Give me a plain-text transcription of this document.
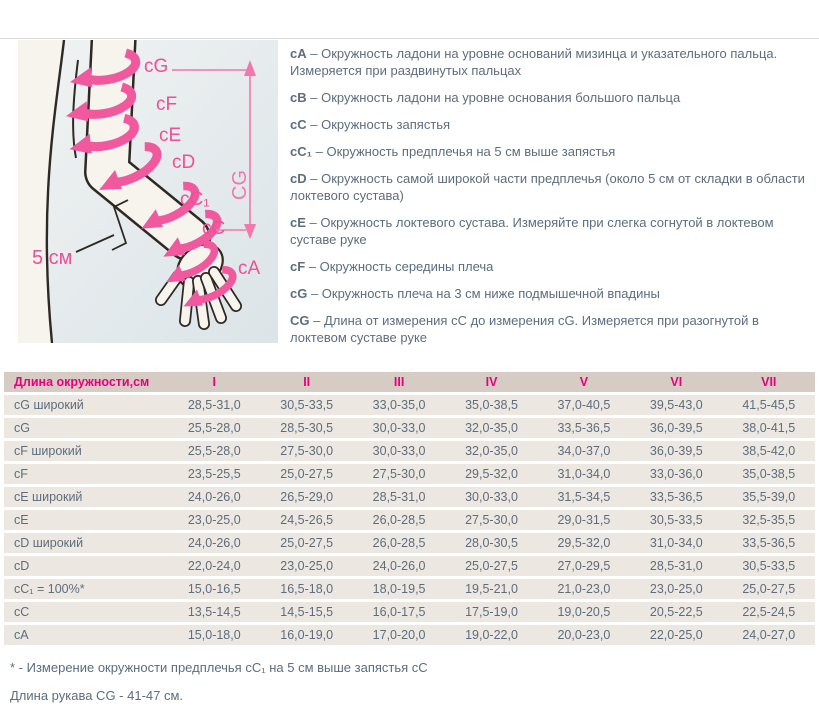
CG
5 см
cG
cF
cE
cD
cC₁
cC
cA
cA – Окружность ладони на уровне оснований мизинца и указательного пальца. Измеряется при раздвинутых пальцах
cB – Окружность ладони на уровне основания большого пальца
cC – Окружность запястья
cC₁ – Окружность предплечья на 5 см выше запястья
cD – Окружность самой широкой части предплечья (около 5 см от складки в области локтевого сустава)
cE – Окружность локтевого сустава. Измеряйте при слегка согнутой в локтевом суставе руке
cF – Окружность середины плеча
cG – Окружность плеча на 3 см ниже подмышечной впадины
CG – Длина от измерения cC до измерения cG. Измеряется при разогнутой в локтевом суставе руке
Длина окружности,см	I	II	III	IV	V	VI	VII
cG широкий	28,5-31,0	30,5-33,5	33,0-35,0	35,0-38,5	37,0-40,5	39,5-43,0	41,5-45,5
cG	25,5-28,0	28,5-30,5	30,0-33,0	32,0-35,0	33,5-36,5	36,0-39,5	38,0-41,5
cF широкий	25,5-28,0	27,5-30,0	30,0-33,0	32,0-35,0	34,0-37,0	36,0-39,5	38,5-42,0
cF	23,5-25,5	25,0-27,5	27,5-30,0	29,5-32,0	31,0-34,0	33,0-36,0	35,0-38,5
cE широкий	24,0-26,0	26,5-29,0	28,5-31,0	30,0-33,0	31,5-34,5	33,5-36,5	35,5-39,0
cE	23,0-25,0	24,5-26,5	26,0-28,5	27,5-30,0	29,0-31,5	30,5-33,5	32,5-35,5
cD широкий	24,0-26,0	25,0-27,5	26,0-28,5	28,0-30,5	29,5-32,0	31,0-34,0	33,5-36,5
cD	22,0-24,0	23,0-25,0	24,0-26,0	25,0-27,5	27,0-29,5	28,5-31,0	30,5-33,5
cC₁ = 100%*	15,0-16,5	16,5-18,0	18,0-19,5	19,5-21,0	21,0-23,0	23,0-25,0	25,0-27,5
cC	13,5-14,5	14,5-15,5	16,0-17,5	17,5-19,0	19,0-20,5	20,5-22,5	22,5-24,5
cA	15,0-18,0	16,0-19,0	17,0-20,0	19,0-22,0	20,0-23,0	22,0-25,0	24,0-27,0
* - Измерение окружности предплечья cC₁ на 5 см выше запястья cC
Длина рукава CG - 41-47 см.
